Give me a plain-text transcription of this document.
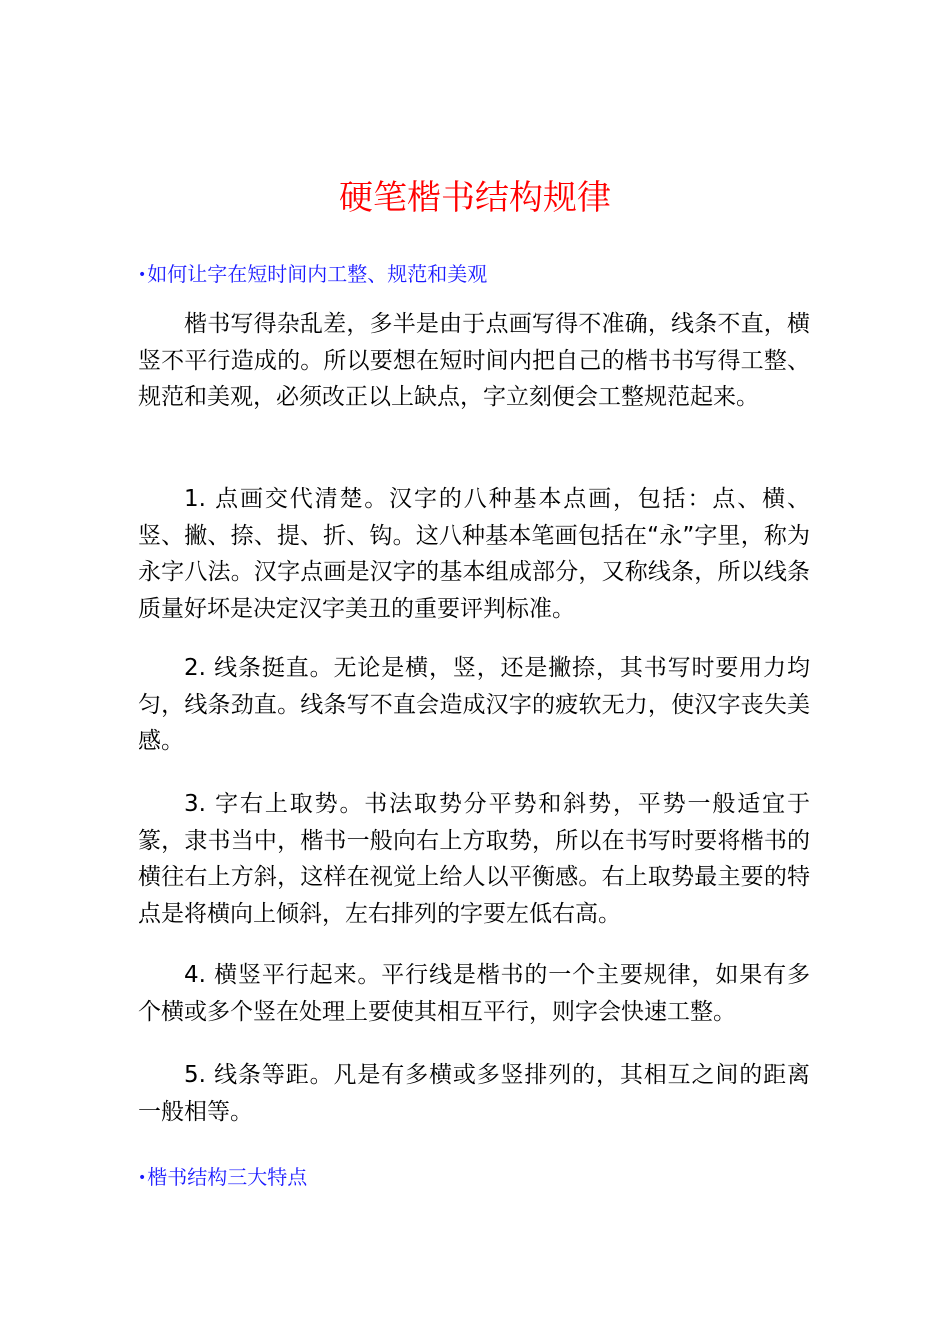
硬笔楷书结构规律
•如何让字在短时间内工整、规范和美观

楷书写得杂乱差，多半是由于点画写得不准确，线条不直，横竖不平行造成的。所以要想在短时间内把自己的楷书书写得工整、规范和美观，必须改正以上缺点，字立刻便会工整规范起来。

1. 点画交代清楚。汉字的八种基本点画，包括：点、横、竖、撇、捺、提、折、钩。这八种基本笔画包括在“永”字里，称为永字八法。汉字点画是汉字的基本组成部分，又称线条，所以线条质量好坏是决定汉字美丑的重要评判标准。

2. 线条挺直。无论是横，竖，还是撇捺，其书写时要用力均匀，线条劲直。线条写不直会造成汉字的疲软无力，使汉字丧失美感。

3. 字右上取势。书法取势分平势和斜势，平势一般适宜于篆，隶书当中，楷书一般向右上方取势，所以在书写时要将楷书的横往右上方斜，这样在视觉上给人以平衡感。右上取势最主要的特点是将横向上倾斜，左右排列的字要左低右高。

4. 横竖平行起来。平行线是楷书的一个主要规律，如果有多个横或多个竖在处理上要使其相互平行，则字会快速工整。

5. 线条等距。凡是有多横或多竖排列的，其相互之间的距离一般相等。

•楷书结构三大特点
